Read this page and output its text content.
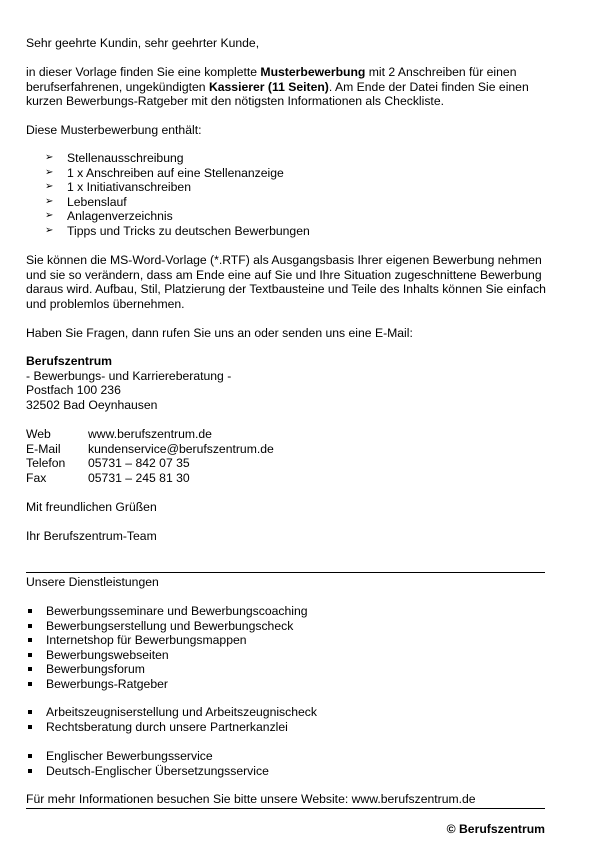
Sehr geehrte Kundin, sehr geehrter Kunde,

in dieser Vorlage finden Sie eine komplette Musterbewerbung mit 2 Anschreiben für einen berufserfahrenen, ungekündigten Kassierer (11 Seiten). Am Ende der Datei finden Sie einen kurzen Bewerbungs-Ratgeber mit den nötigsten Informationen als Checkliste.

Diese Musterbewerbung enthält:

➢ Stellenausschreibung
➢ 1 x Anschreiben auf eine Stellenanzeige
➢ 1 x Initiativanschreiben
➢ Lebenslauf
➢ Anlagenverzeichnis
➢ Tipps und Tricks zu deutschen Bewerbungen

Sie können die MS-Word-Vorlage (*.RTF) als Ausgangsbasis Ihrer eigenen Bewerbung nehmen und sie so verändern, dass am Ende eine auf Sie und Ihre Situation zugeschnittene Bewerbung daraus wird. Aufbau, Stil, Platzierung der Textbausteine und Teile des Inhalts können Sie einfach und problemlos übernehmen.

Haben Sie Fragen, dann rufen Sie uns an oder senden uns eine E-Mail:

Berufszentrum
- Bewerbungs- und Karriereberatung -
Postfach 100 236
32502 Bad Oeynhausen
Web	www.berufszentrum.de
E-Mail	kundenservice@berufszentrum.de
Telefon	05731 – 842 07 35
Fax	05731 – 245 81 30

Mit freundlichen Grüßen

Ihr Berufszentrum-Team

Unsere Dienstleistungen

Bewerbungsseminare und Bewerbungscoaching
Bewerbungserstellung und Bewerbungscheck
Internetshop für Bewerbungsmappen
Bewerbungswebseiten
Bewerbungsforum
Bewerbungs-Ratgeber
Arbeitszeugniserstellung und Arbeitszeugnischeck
Rechtsberatung durch unsere Partnerkanzlei
Englischer Bewerbungsservice
Deutsch-Englischer Übersetzungsservice

Für mehr Informationen besuchen Sie bitte unsere Website: www.berufszentrum.de

© Berufszentrum
